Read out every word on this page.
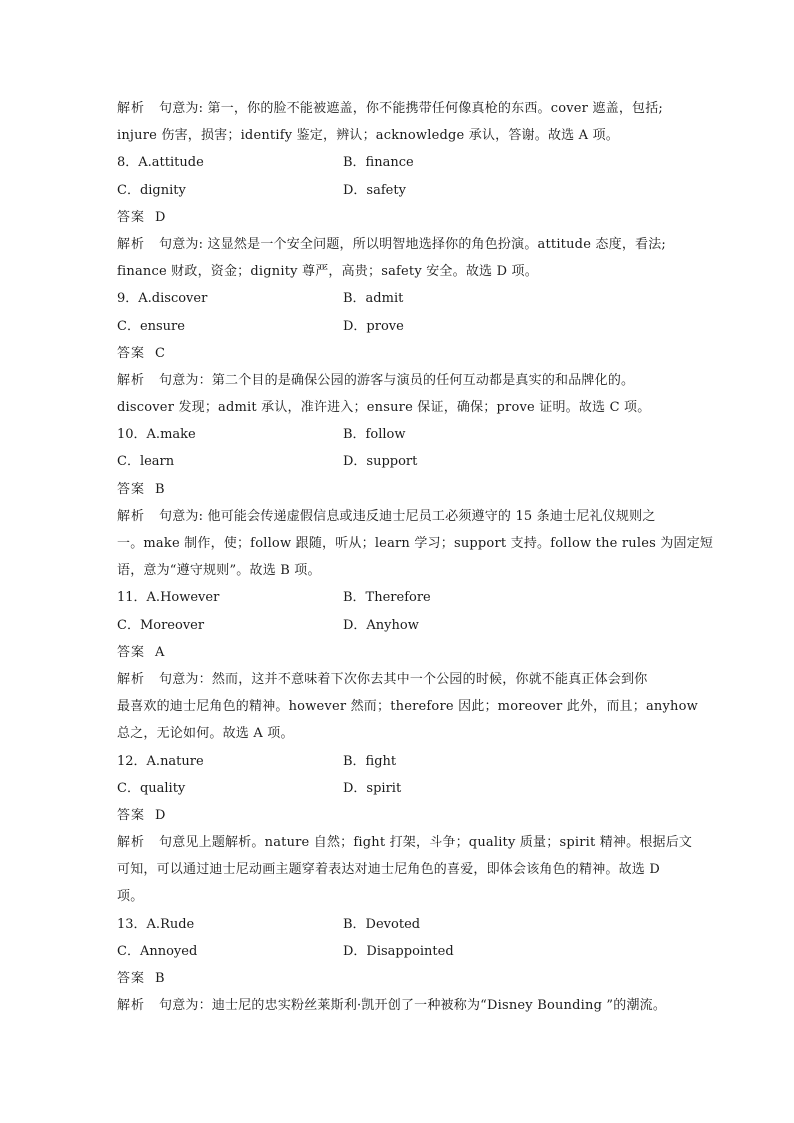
解析 句意为: 第一，你的脸不能被遮盖，你不能携带任何像真枪的东西。cover 遮盖，包括;
injure 伤害，损害；identify 鉴定，辨认；acknowledge 承认，答谢。故选 A 项。
8．A.attitude	B．finance
C．dignity	D．safety
答案 D
解析 句意为: 这显然是一个安全问题，所以明智地选择你的角色扮演。attitude 态度，看法;
finance 财政，资金；dignity 尊严，高贵；safety 安全。故选 D 项。
9．A.discover	B．admit
C．ensure	D．prove
答案 C
解析 句意为：第二个目的是确保公园的游客与演员的任何互动都是真实的和品牌化的。
discover 发现；admit 承认，准许进入；ensure 保证，确保；prove 证明。故选 C 项。
10．A.make	B．follow
C．learn	D．support
答案 B
解析 句意为: 他可能会传递虚假信息或违反迪士尼员工必须遵守的 15 条迪士尼礼仪规则之
一。make 制作，使；follow 跟随，听从；learn 学习；support 支持。follow the rules 为固定短
语，意为“遵守规则”。故选 B 项。
11．A.However	B．Therefore
C．Moreover	D．Anyhow
答案 A
解析 句意为：然而，这并不意味着下次你去其中一个公园的时候，你就不能真正体会到你
最喜欢的迪士尼角色的精神。however 然而；therefore 因此；moreover 此外，而且；anyhow
总之，无论如何。故选 A 项。
12．A.nature	B．fight
C．quality	D．spirit
答案 D
解析 句意见上题解析。nature 自然；fight 打架，斗争；quality 质量；spirit 精神。根据后文
可知，可以通过迪士尼动画主题穿着表达对迪士尼角色的喜爱，即体会该角色的精神。故选 D
项。
13．A.Rude	B．Devoted
C．Annoyed	D．Disappointed
答案 B
解析 句意为：迪士尼的忠实粉丝莱斯利·凯开创了一种被称为“Disney Bounding ”的潮流。
